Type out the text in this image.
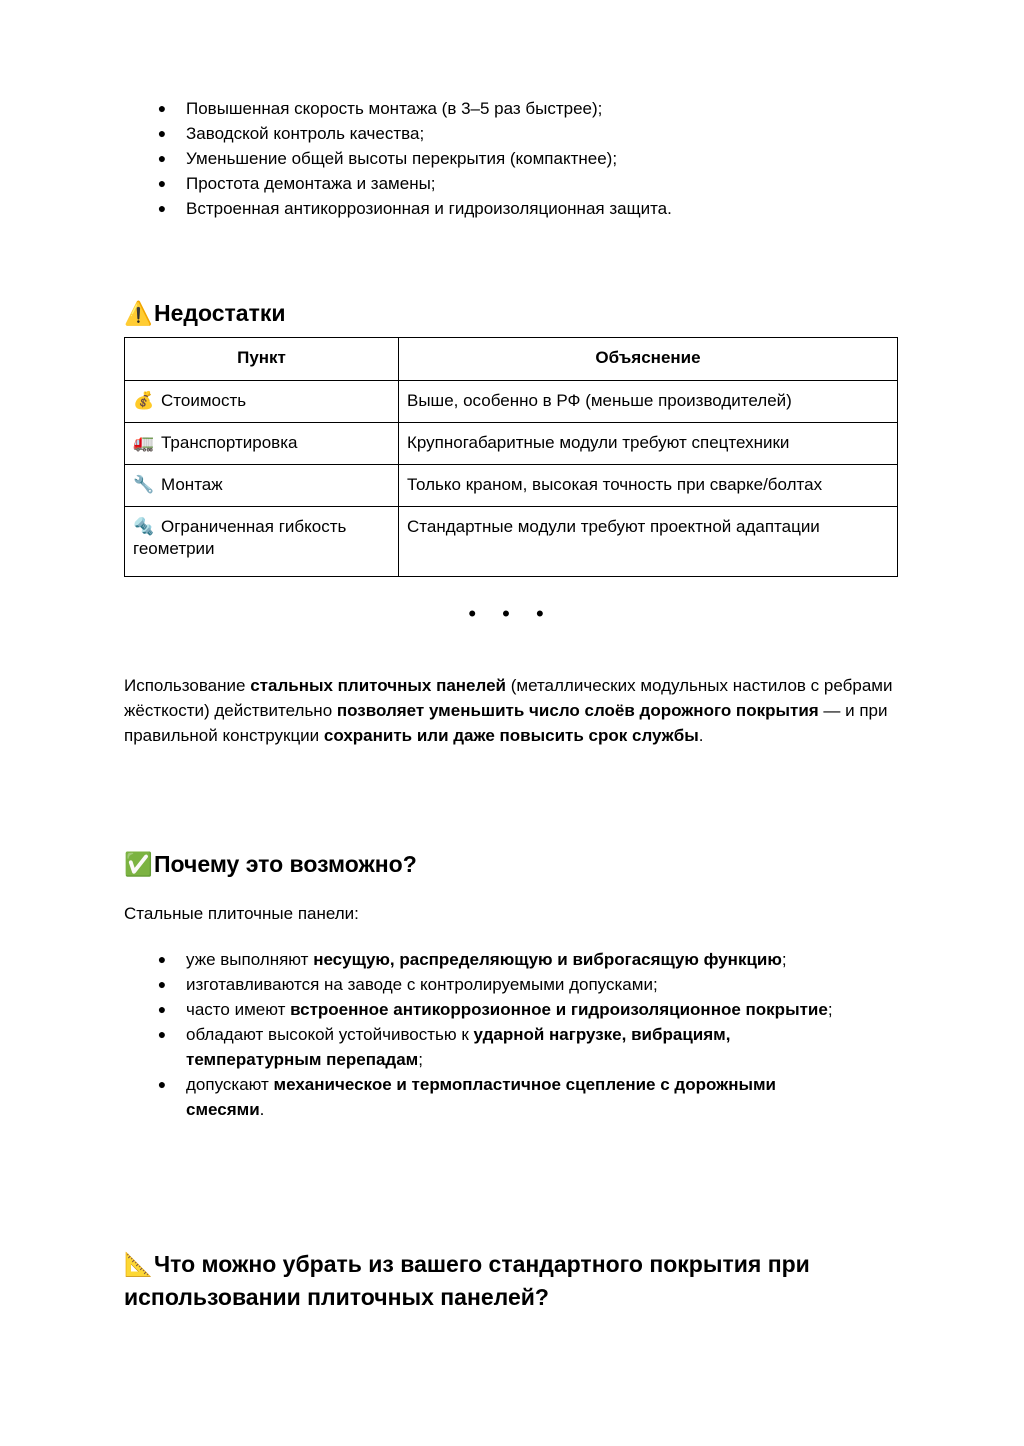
● Повышенная скорость монтажа (в 3–5 раз быстрее);
● Заводской контроль качества;
● Уменьшение общей высоты перекрытия (компактнее);
● Простота демонтажа и замены;
● Встроенная антикоррозионная и гидроизоляционная защита.
⚠️Недостатки
Пункт	Объяснение
💰 Стоимость	Выше, особенно в РФ (меньше производителей)
🚛 Транспортировка	Крупногабаритные модули требуют спецтехники
🔧 Монтаж	Только краном, высокая точность при сварке/болтах
🔩 Ограниченная гибкость геометрии	Стандартные модули требуют проектной адаптации
• • •

Использование стальных плиточных панелей (металлических модульных настилов с ребрами жёсткости) действительно позволяет уменьшить число слоёв дорожного покрытия — и при правильной конструкции сохранить или даже повысить срок службы.

✅Почему это возможно?

Стальные плиточные панели:

● уже выполняют несущую, распределяющую и виброгасящую функцию;
● изготавливаются на заводе с контролируемыми допусками;
● часто имеют встроенное антикоррозионное и гидроизоляционное покрытие;
● обладают высокой устойчивостью к ударной нагрузке, вибрациям, температурным перепадам;
● допускают механическое и термопластичное сцепление с дорожными смесями.
📐Что можно убрать из вашего стандартного покрытия при использовании плиточных панелей?
